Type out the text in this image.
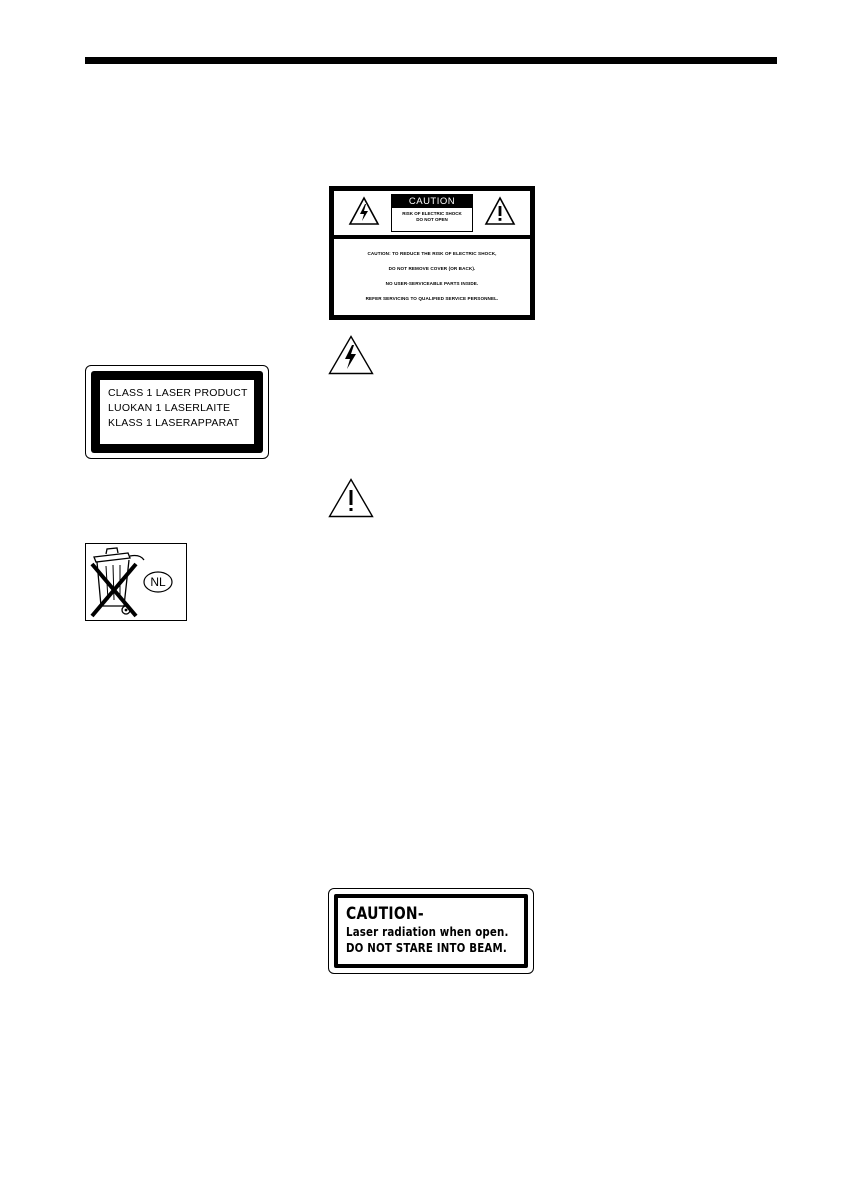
CAUTION
RISK OF ELECTRIC SHOCK
DO NOT OPEN
CAUTION: TO REDUCE THE RISK OF ELECTRIC SHOCK,
DO NOT REMOVE COVER (OR BACK).
NO USER-SERVICEABLE PARTS INSIDE.
REFER SERVICING TO QUALIFIED SERVICE PERSONNEL.
CLASS 1 LASER PRODUCT
LUOKAN 1 LASERLAITE
KLASS 1 LASERAPPARAT
NL
CAUTION-
Laser radiation when open.
DO NOT STARE INTO BEAM.
